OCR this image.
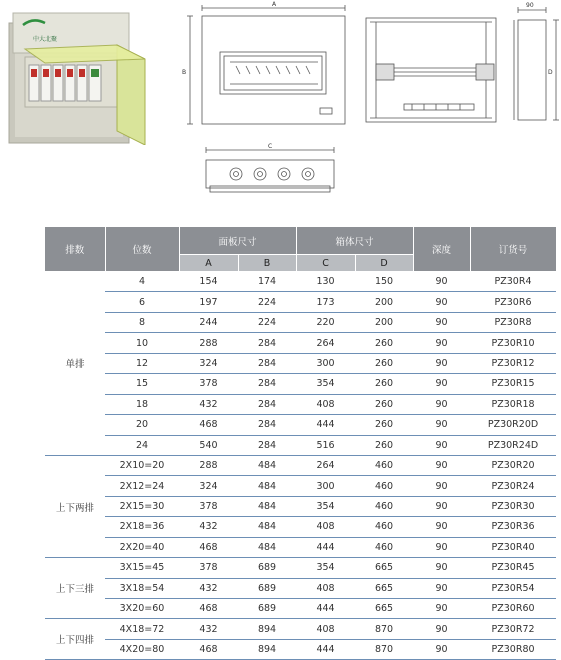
中大北聚
A
B
90
D
C
排数	位数	面板尺寸		箱体尺寸		深度	订货号
		A	B	C	D		
单排	4	154	174	130	150	90	PZ30R4
	6	197	224	173	200	90	PZ30R6
	8	244	224	220	200	90	PZ30R8
	10	288	284	264	260	90	PZ30R10
	12	324	284	300	260	90	PZ30R12
	15	378	284	354	260	90	PZ30R15
	18	432	284	408	260	90	PZ30R18
	20	468	284	444	260	90	PZ30R20D
	24	540	284	516	260	90	PZ30R24D
上下两排	2X10=20	288	484	264	460	90	PZ30R20
	2X12=24	324	484	300	460	90	PZ30R24
	2X15=30	378	484	354	460	90	PZ30R30
	2X18=36	432	484	408	460	90	PZ30R36
	2X20=40	468	484	444	460	90	PZ30R40
上下三排	3X15=45	378	689	354	665	90	PZ30R45
	3X18=54	432	689	408	665	90	PZ30R54
	3X20=60	468	689	444	665	90	PZ30R60
上下四排	4X18=72	432	894	408	870	90	PZ30R72
	4X20=80	468	894	444	870	90	PZ30R80
